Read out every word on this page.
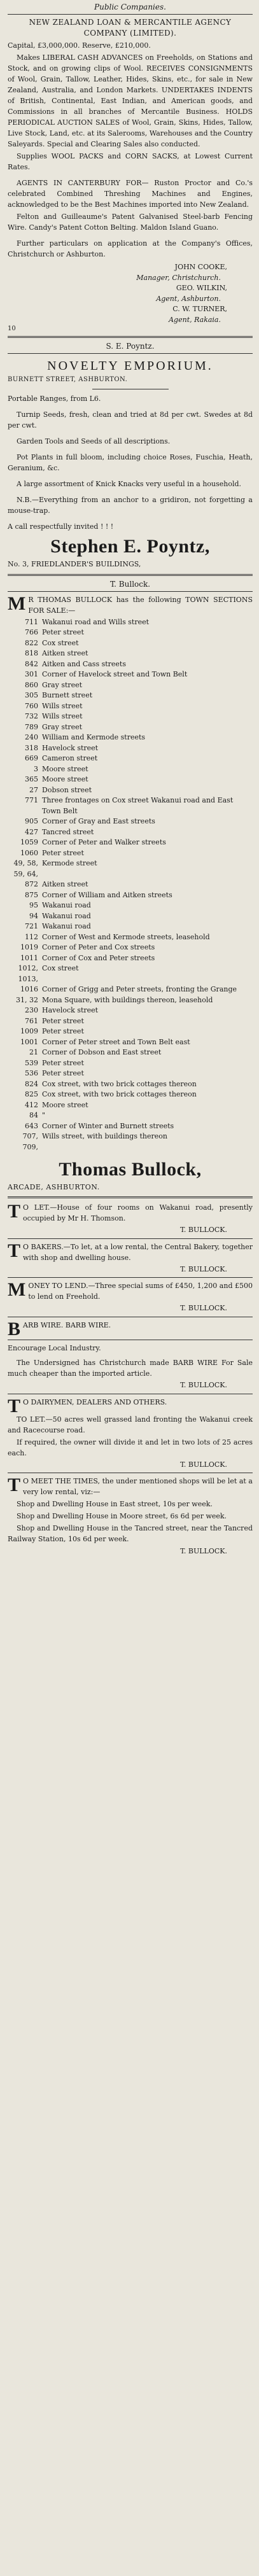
Public Companies.
NEW ZEALAND LOAN & MERCANTILE AGENCY COMPANY (LIMITED).
Capital, £3,000,000. Reserve, £210,000.
Makes LIBERAL CASH ADVANCES on Freeholds, on Stations and Stock, and on growing clips of Wool. RECEIVES CONSIGNMENTS of Wool, Grain, Tallow, Leather, Hides, Skins, etc., for sale in New Zealand, Australia, and London Markets. UNDERTAKES INDENTS of British, Continental, East Indian, and American goods, and Commissions in all branches of Mercantile Business. HOLDS PERIODICAL AUCTION SALES of Wool, Grain, Skins, Hides, Tallow, Live Stock, Land, etc. at its Salerooms, Warehouses and the Country Saleyards. Special and Clearing Sales also conducted.
Supplies WOOL PACKS and CORN SACKS, at Lowest Current Rates.
AGENTS IN CANTERBURY FOR— Ruston Proctor and Co.'s celebrated Combined Threshing Machines and Engines, acknowledged to be the Best Machines imported into New Zealand.
Felton and Guilleaume's Patent Galvanised Steel-barb Fencing Wire. Candy's Patent Cotton Belting. Maldon Island Guano.
Further particulars on application at the Company's Offices, Christchurch or Ashburton.
JOHN COOKE,
Manager, Christchurch.
GEO. WILKIN,
Agent, Ashburton.
C. W. TURNER,
Agent, Rakaia.
10
S. E. Poyntz.
NOVELTY EMPORIUM.
BURNETT STREET, ASHBURTON.
Portable Ranges, from L6.
Turnip Seeds, fresh, clean and tried at 8d per cwt. Swedes at 8d per cwt.
Garden Tools and Seeds of all descriptions.
Pot Plants in full bloom, including choice Roses, Fuschia, Heath, Geranium, &c.
A large assortment of Knick Knacks very useful in a household.
N.B.—Everything from an anchor to a gridiron, not forgetting a mouse-trap.
A call respectfully invited ! ! !
Stephen E. Poyntz,
No. 3, FRIEDLANDER'S BUILDINGS,
T. Bullock.
M R THOMAS BULLOCK has the following TOWN SECTIONS FOR SALE:—
711 Wakanui road and Wills street
766 Peter street
822 Cox street
818 Aitken street
842 Aitken and Cass streets
301 Corner of Havelock street and Town Belt
860 Gray street
305 Burnett street
760 Wills street
732 Wills street
789 Gray street
240 William and Kermode streets
318 Havelock street
669 Cameron street
3 Moore street
365 Moore street
27 Dobson street
771 Three frontages on Cox street Wakanui road and East Town Belt
905 Corner of Gray and East streets
427 Tancred street
1059 Corner of Peter and Walker streets
1060 Peter street
49, 58, 59, 64,
Kermode street
872 Aitken street
875 Corner of William and Aitken streets
95 Wakanui road
94 Wakanui road
721 Wakanui road
112 Corner of West and Kermode streets, leasehold
1019 Corner of Peter and Cox streets
1011 Corner of Cox and Peter streets
1012, 1013,
Cox street
1016 Corner of Grigg and Peter streets, fronting the Grange
31, 32 Mona Square, with buildings thereon, leasehold
230 Havelock street
761 Peter street
1009 Peter street
1001 Corner of Peter street and Town Belt east
21 Corner of Dobson and East street
539 Peter street
536 Peter street
824 Cox street, with two brick cottages thereon
825 Cox street, with two brick cottages thereon
412 Moore street
84 "
643 Corner of Winter and Burnett streets
707, 709,
Wills street, with buildings thereon
Thomas Bullock,
ARCADE, ASHBURTON.
T O LET.—House of four rooms on Wakanui road, presently occupied by Mr H. Thomson.
T. BULLOCK.
T O BAKERS.—To let, at a low rental, the Central Bakery, together with shop and dwelling house.
T. BULLOCK.
MONEY TO LEND.—Three special sums of £450, 1,200 and £500 to lend on Freehold.
T. BULLOCK.
BARB WIRE. BARB WIRE.
Encourage Local Industry.
The Undersigned has Christchurch made BARB WIRE For Sale much cheaper than the imported article.
T. BULLOCK.
T O DAIRYMEN, DEALERS AND OTHERS.
TO LET.—50 acres well grassed land fronting the Wakanui creek and Racecourse road.
If required, the owner will divide it and let in two lots of 25 acres each.
T. BULLOCK.
T O MEET THE TIMES, the under mentioned shops will be let at a very low rental, viz:—
Shop and Dwelling House in East street, 10s per week.
Shop and Dwelling House in Moore street, 6s 6d per week.
Shop and Dwelling House in the Tancred street, near the Tancred Railway Station, 10s 6d per week.
T. BULLOCK.
